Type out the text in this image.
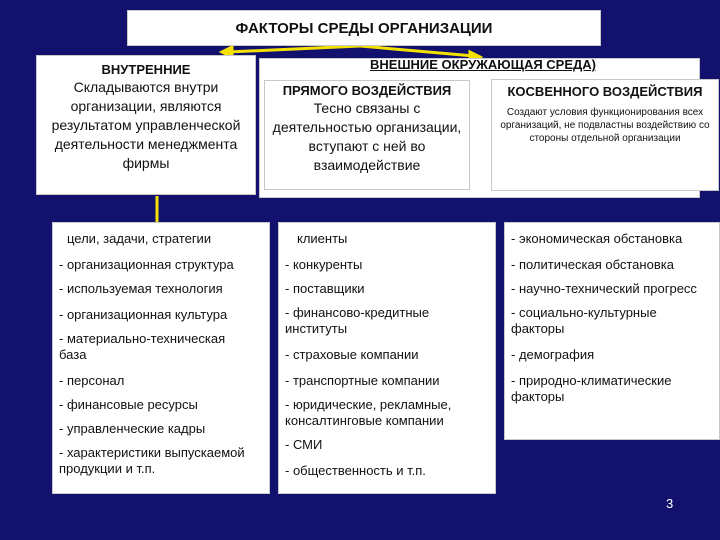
ФАКТОРЫ СРЕДЫ ОРГАНИЗАЦИИ
ВНЕШНИЕ ОКРУЖАЮЩАЯ СРЕДА)
ВНУТРЕННИЕ
Складываются внутри организации, являются результатом управленческой деятельности менеджмента фирмы
ПРЯМОГО ВОЗДЕЙСТВИЯ
Тесно связаны с деятельностью организации, вступают с ней во взаимодействие
КОСВЕННОГО ВОЗДЕЙСТВИЯ
Создают условия функционирования всех организаций, не подвластны воздействию со стороны отдельной организации
цели, задачи, стратегии
- организационная структура
- используемая технология
- организационная культура
- материально-техническая база
- персонал
- финансовые ресурсы
- управленческие кадры
- характеристики выпускаемой продукции и т.п.
клиенты
- конкуренты
- поставщики
- финансово-кредитные институты
- страховые компании
- транспортные компании
- юридические, рекламные, консалтинговые компании
- СМИ
- общественность и т.п.
- экономическая обстановка
- политическая обстановка
- научно-технический прогресс
- социально-культурные факторы
- демография
- природно-климатические факторы
3
